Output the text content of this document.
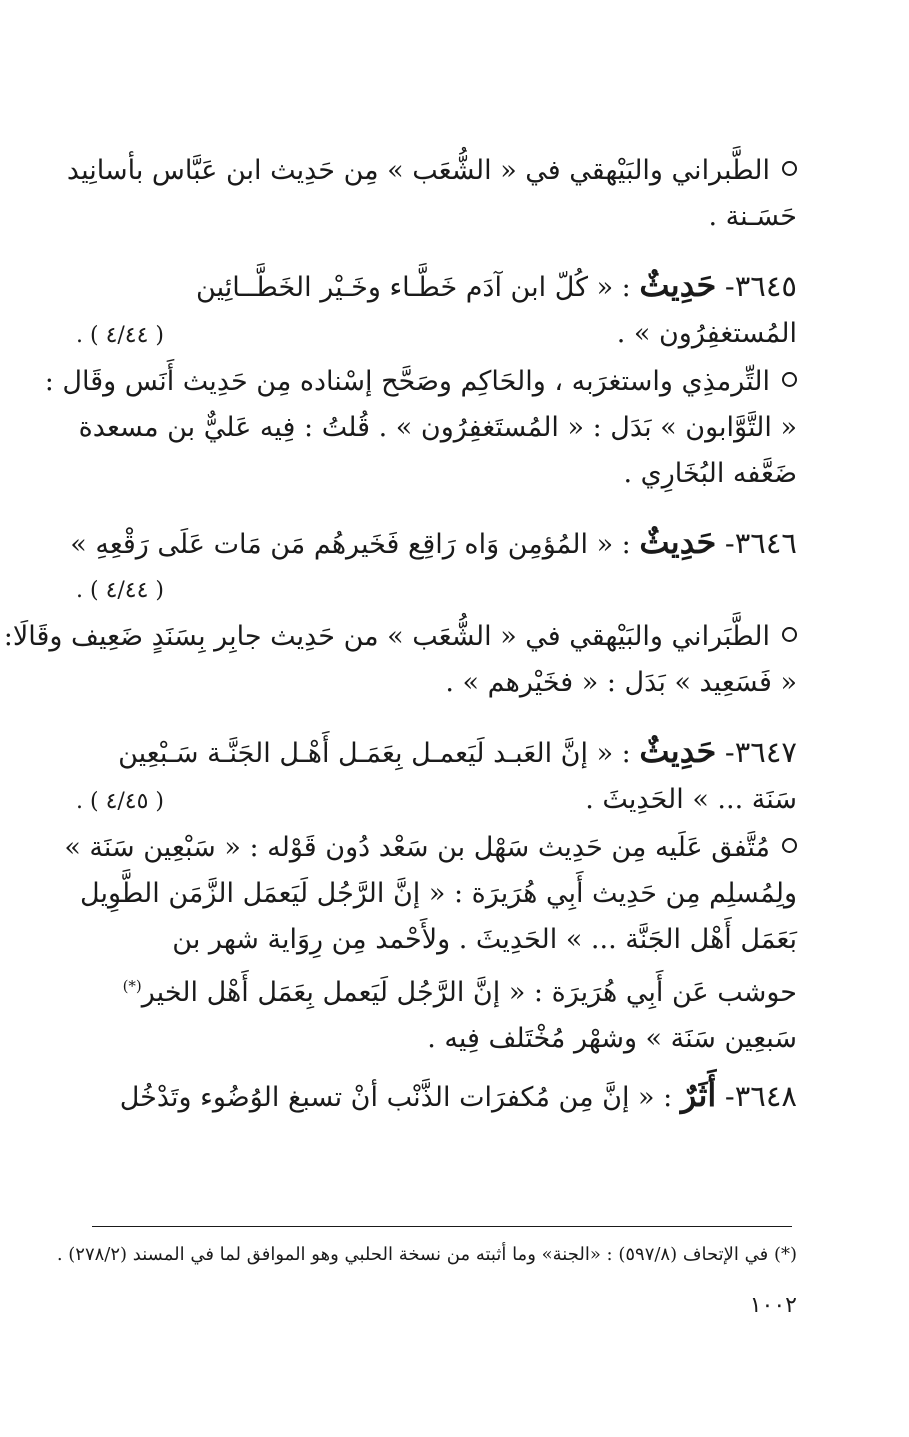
الطَّبراني والبَيْهقي في « الشُّعَب » مِن حَدِيث ابن عَبَّاس بأسانِيد
حَسَـنة .
٣٦٤٥- حَدِيثٌ : « كُلّ ابن آدَم خَطَّـاء وخَـيْر الخَطَّــائِين
المُستغفِرُون » .
( ٤/٤٤ ) .
التِّرمذِي واستغرَبه ، والحَاكِم وصَحَّح إسْناده مِن حَدِيث أَنَس وقَال :
« التَّوَّابون » بَدَل : « المُستَغفِرُون » . قُلتُ : فِيه عَليٌّ بن مسعدة
ضَعَّفه البُخَارِي .
٣٦٤٦- حَدِيثٌ : « المُؤمِن وَاه رَاقِع فَخَيرهُم مَن مَات عَلَى رَقْعِهِ »
( ٤/٤٤ ) .
الطَّبَراني والبَيْهقي في « الشُّعَب » من حَدِيث جابِر بِسَنَدٍ ضَعِيف وقَالَا:
« فَسَعِيد » بَدَل : « فخَيْرهم » .
٣٦٤٧- حَدِيثٌ : « إنَّ العَبـد لَيَعمـل بِعَمَـل أَهْـل الجَنَّـة سَـبْعِين
سَنَة ... » الحَدِيثَ .
( ٤/٤٥ ) .
مُتَّفق عَلَيه مِن حَدِيث سَهْل بن سَعْد دُون قَوْله : « سَبْعِين سَنَة »
ولِمُسلِم مِن حَدِيث أَبِي هُرَيرَة : « إنَّ الرَّجُل لَيَعمَل الزَّمَن الطَّوِيل
بَعَمَل أَهْل الجَنَّة ... » الحَدِيثَ . ولأَحْمد مِن رِوَاية شهر بن
حوشب عَن أَبِي هُرَيرَة : « إنَّ الرَّجُل لَيَعمل بِعَمَل أَهْل الخير(*)
سَبعِين سَنَة » وشهْر مُخْتَلف فِيه .
٣٦٤٨- أَثَرٌ : « إنَّ مِن مُكفرَات الذَّنْب أنْ تسبغ الوُضُوء وتَدْخُل
(*) في الإتحاف (٥٩٧/٨) : «الجنة» وما أثبته من نسخة الحلبي وهو الموافق لما في المسند (٢٧٨/٢) .
١٠٠٢
